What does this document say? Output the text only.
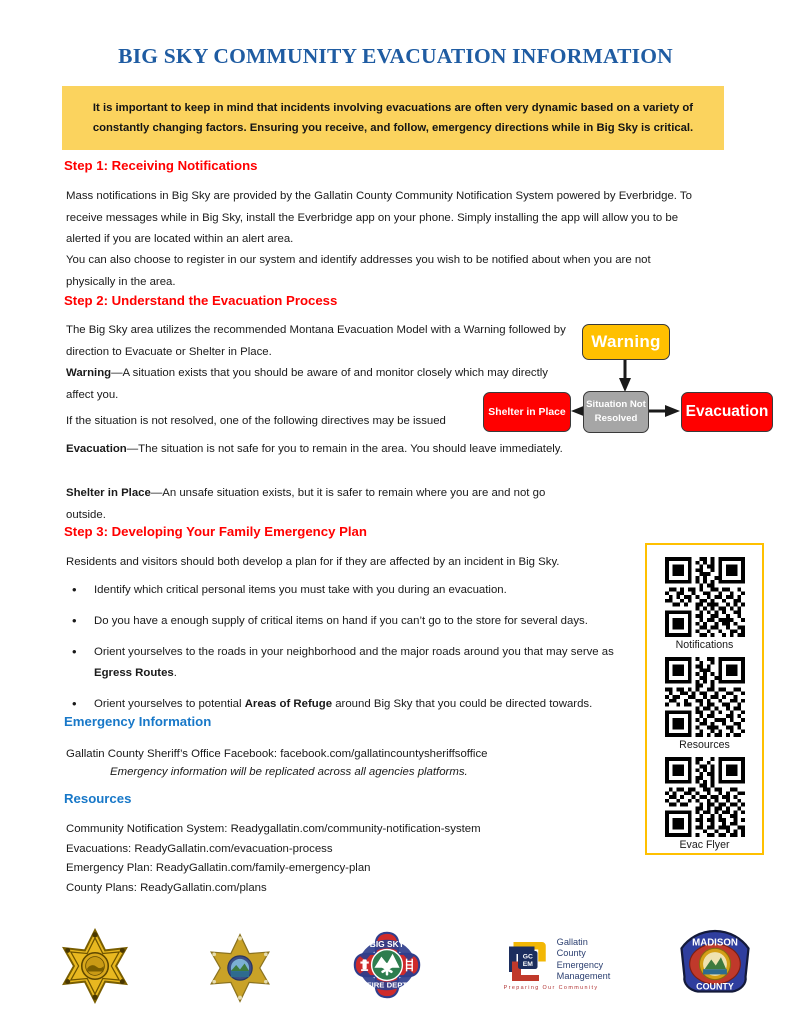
BIG SKY COMMUNITY EVACUATION INFORMATION
It is important to keep in mind that incidents involving evacuations are often very dynamic based on a variety of
constantly changing factors. Ensuring you receive, and follow, emergency directions while in Big Sky is critical.
Step 1: Receiving Notifications
Mass notifications in Big Sky are provided by the Gallatin County Community Notification System powered by Everbridge. To receive messages while in Big Sky, install the Everbridge app on your phone. Simply installing the app will allow you to be alerted if you are located within an alert area.
You can also choose to register in our system and identify addresses you wish to be notified about when you are not physically in the area.
Step 2: Understand the Evacuation Process
The Big Sky area utilizes the recommended Montana Evacuation Model with a Warning followed by direction to Evacuate or Shelter in Place.
Warning—A situation exists that you should be aware of and monitor closely which may directly affect you.
If the situation is not resolved, one of the following directives may be issued
Evacuation—The situation is not safe for you to remain in the area. You should leave immediately.
Shelter in Place—An unsafe situation exists, but it is safer to remain where you are and not go outside.
Warning
Situation Not
Resolved
Shelter in Place	Evacuation
Step 3: Developing Your Family Emergency Plan
Residents and visitors should both develop a plan for if they are affected by an incident in Big Sky.
• Identify which critical personal items you must take with you during an evacuation.
• Do you have a enough supply of critical items on hand if you can’t go to the store for several days.
• Orient yourselves to the roads in your neighborhood and the major roads around you that may serve as Egress Routes.
• Orient yourselves to potential Areas of Refuge around Big Sky that you could be directed towards.
Emergency Information
Gallatin County Sheriff’s Office Facebook: facebook.com/gallatincountysheriffsoffice
Emergency information will be replicated across all agencies platforms.
Resources
Community Notification System: Readygallatin.com/community-notification-system
Evacuations: ReadyGallatin.com/evacuation-process
Emergency Plan: ReadyGallatin.com/family-emergency-plan
County Plans: ReadyGallatin.com/plans
Notifications
Resources
Evac Flyer
BIG SKY
FIRE DEPT
GC
EM
Gallatin
County
Emergency
Management
Preparing Our Community
MADISON
COUNTY
